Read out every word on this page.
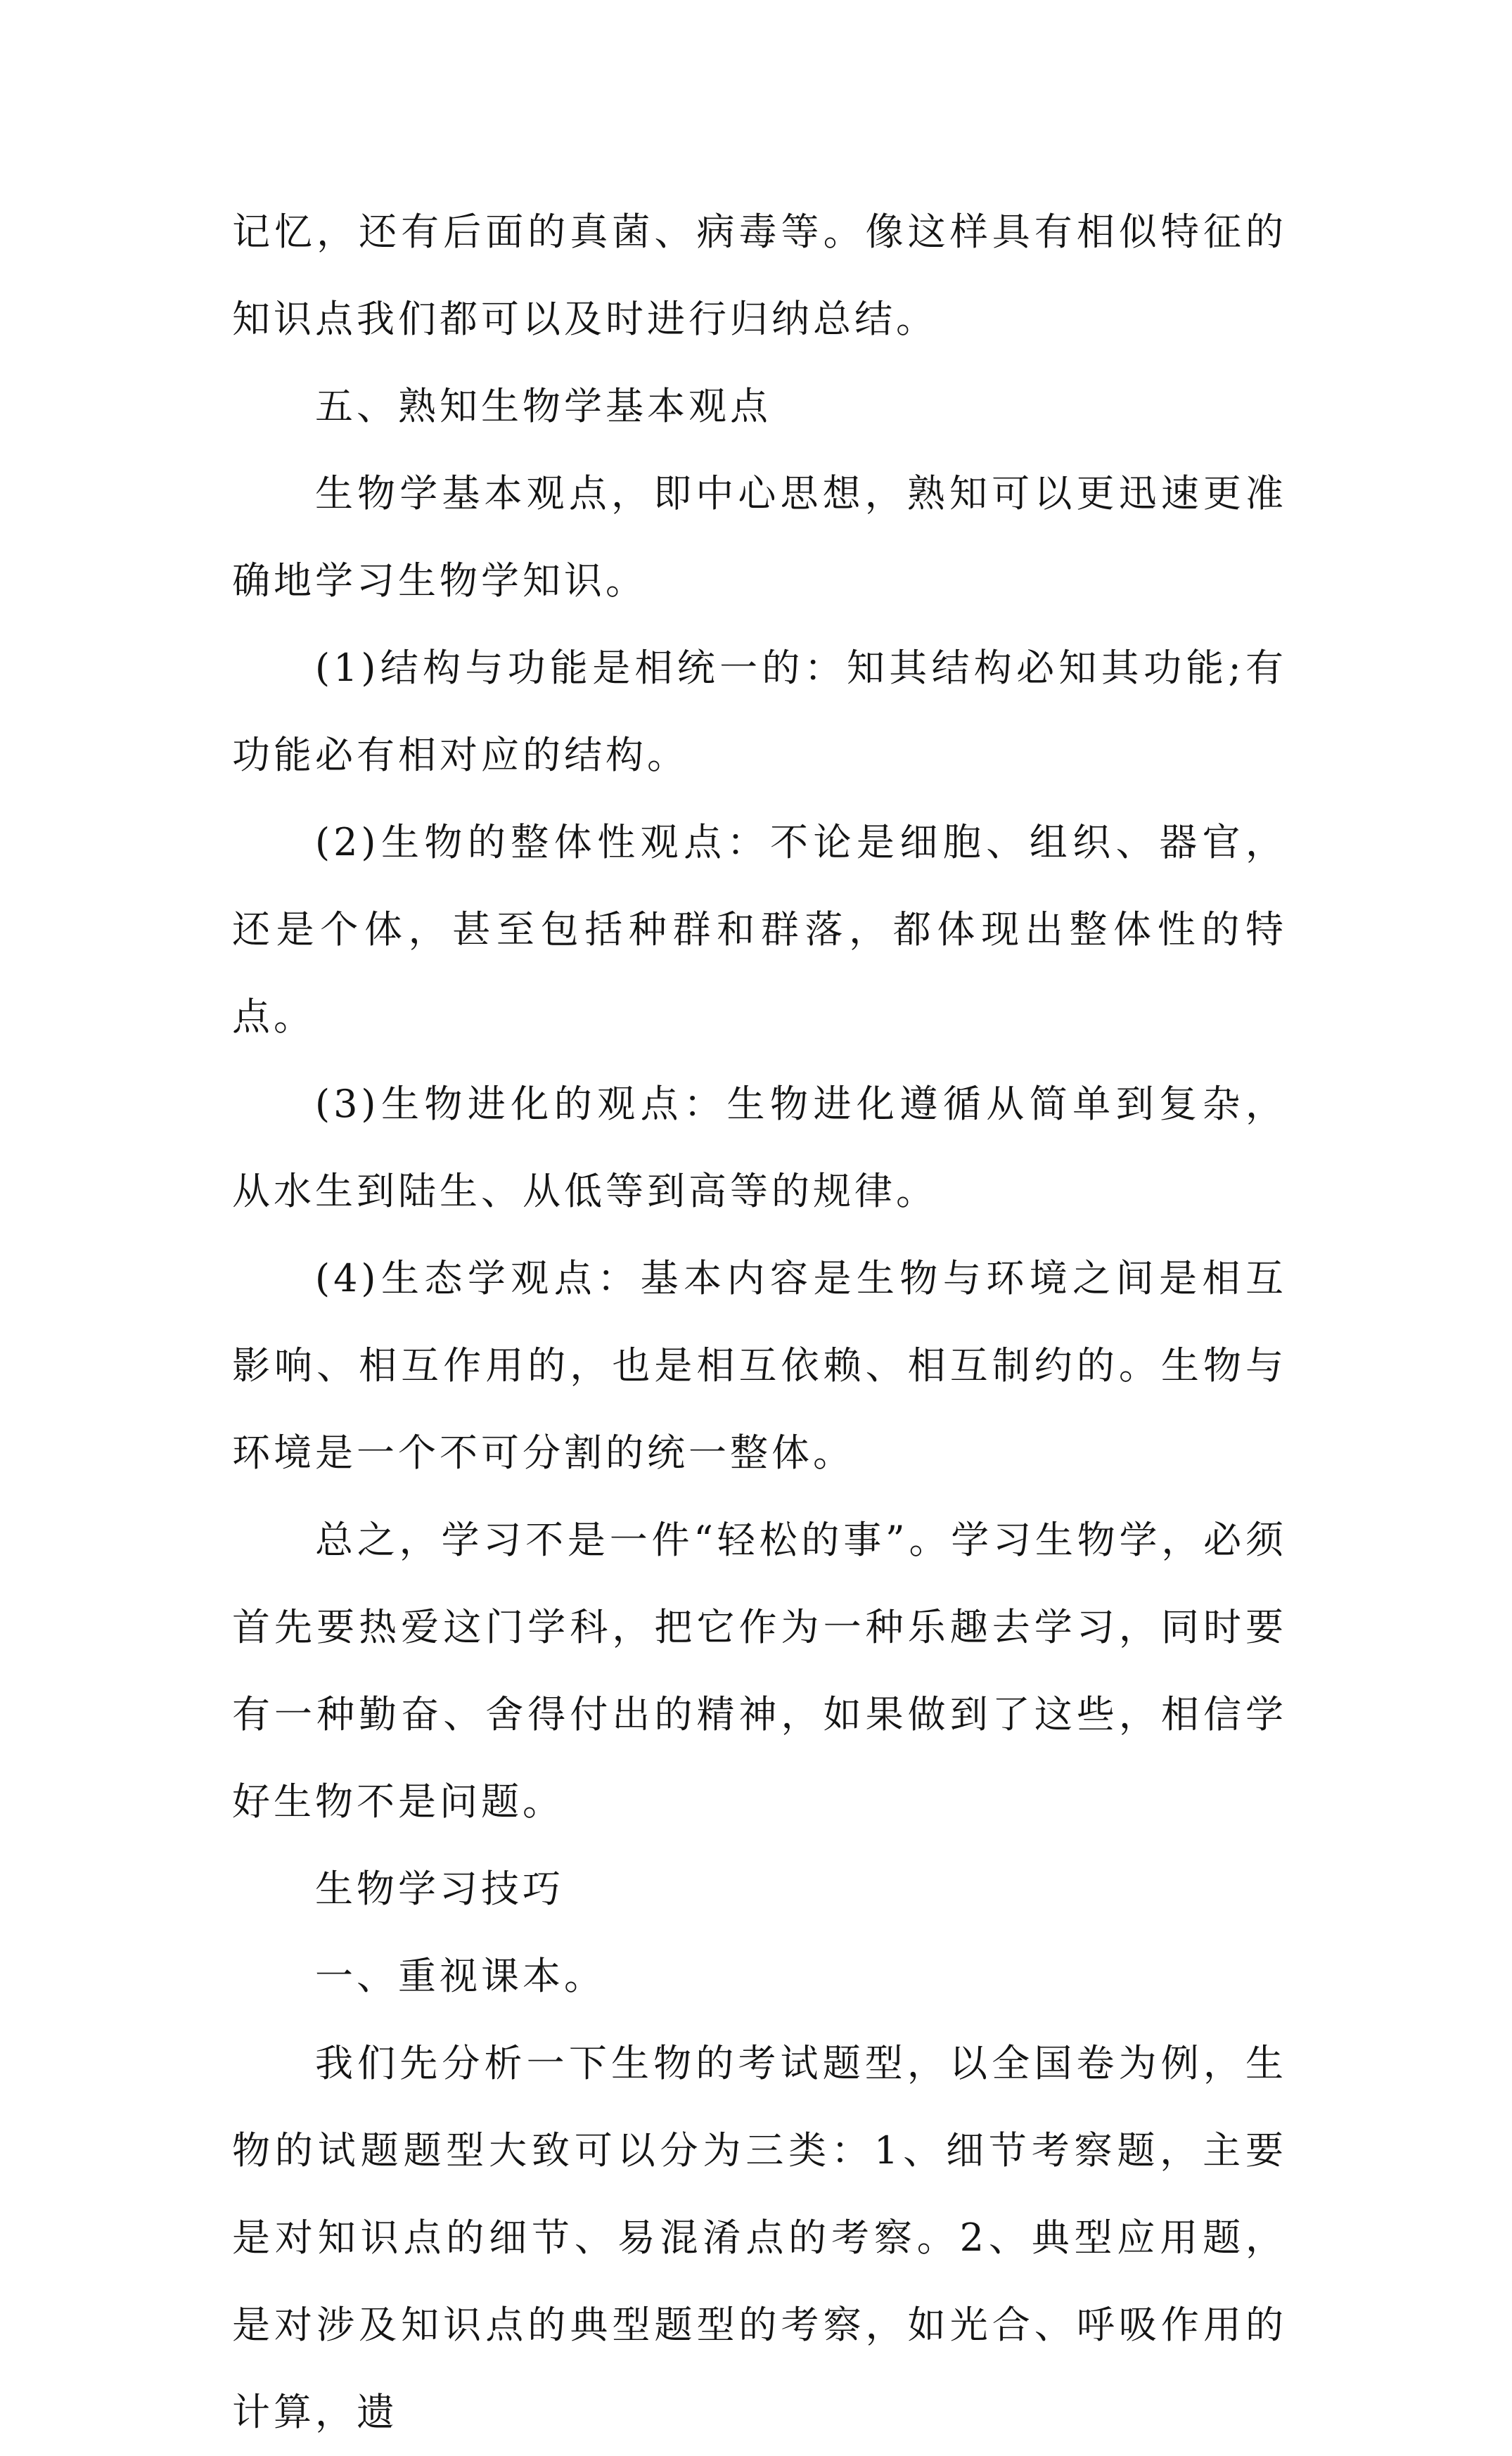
记忆，还有后面的真菌、病毒等。像这样具有相似特征的知识点我们都可以及时进行归纳总结。

五、熟知生物学基本观点

生物学基本观点，即中心思想，熟知可以更迅速更准确地学习生物学知识。

(1)结构与功能是相统一的：知其结构必知其功能;有功能必有相对应的结构。

(2)生物的整体性观点：不论是细胞、组织、器官，还是个体，甚至包括种群和群落，都体现出整体性的特点。

(3)生物进化的观点：生物进化遵循从简单到复杂，从水生到陆生、从低等到高等的规律。

(4)生态学观点：基本内容是生物与环境之间是相互影响、相互作用的，也是相互依赖、相互制约的。生物与环境是一个不可分割的统一整体。

总之，学习不是一件“轻松的事”。学习生物学，必须首先要热爱这门学科，把它作为一种乐趣去学习，同时要有一种勤奋、舍得付出的精神，如果做到了这些，相信学好生物不是问题。

生物学习技巧

一、重视课本。

我们先分析一下生物的考试题型，以全国卷为例，生物的试题题型大致可以分为三类：1、细节考察题，主要是对知识点的细节、易混淆点的考察。2、典型应用题，是对涉及知识点的典型题型的考察，如光合、呼吸作用的计算，遗
